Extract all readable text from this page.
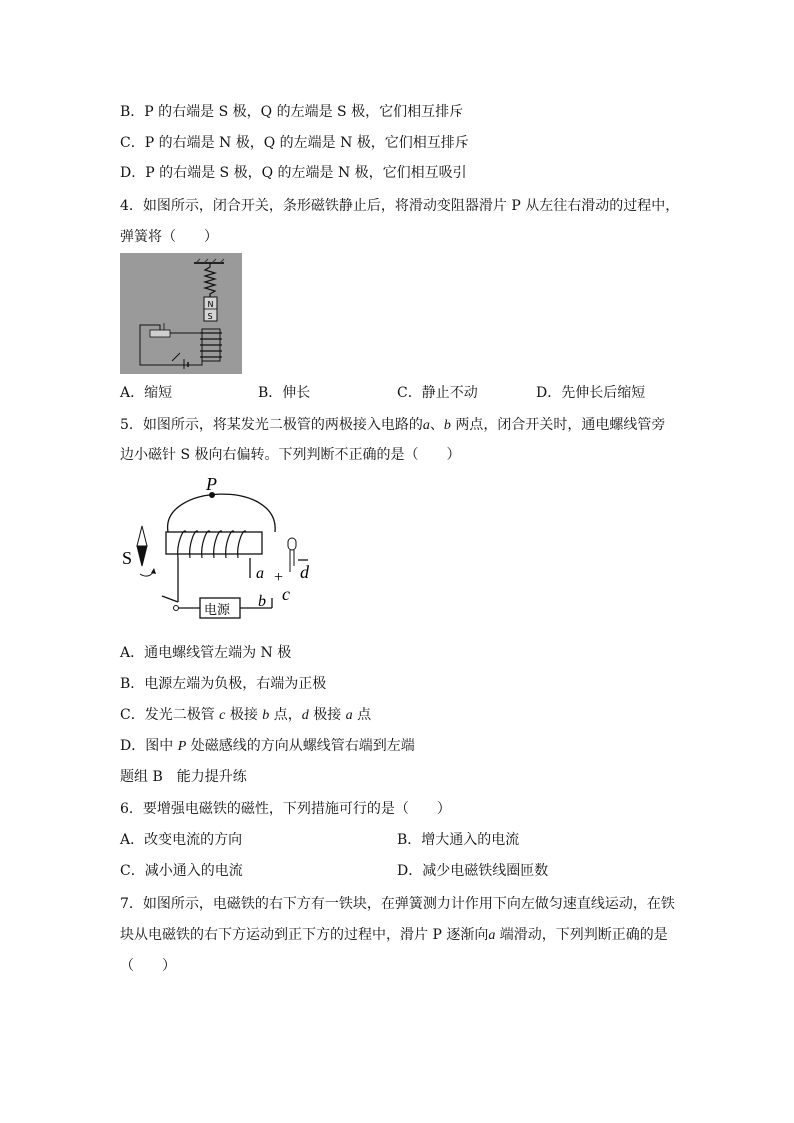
B．P 的右端是 S 极，Q 的左端是 S 极，它们相互排斥
C．P 的右端是 N 极，Q 的左端是 N 极，它们相互排斥
D．P 的右端是 S 极，Q 的左端是 N 极，它们相互吸引
4．如图所示，闭合开关，条形磁铁静止后，将滑动变阻器滑片 P 从左往右滑动的过程中，
弹簧将（　　）
N
S
A．缩短	B．伸长	C．静止不动	D．先伸长后缩短
5．如图所示，将某发光二极管的两极接入电路的a、b 两点，闭合开关时，通电螺线管旁
边小磁针 S 极向右偏转。下列判断不正确的是（　　）
P
S
电源
a
b
+ d
c
A．通电螺线管左端为 N 极
B．电源左端为负极，右端为正极
C．发光二极管 c 极接 b 点，d 极接 a 点
D．图中 P 处磁感线的方向从螺线管右端到左端
题组 B　能力提升练
6．要增强电磁铁的磁性，下列措施可行的是（　　）
A．改变电流的方向	B．增大通入的电流
C．减小通入的电流	D．减少电磁铁线圈匝数
7．如图所示，电磁铁的右下方有一铁块，在弹簧测力计作用下向左做匀速直线运动，在铁
块从电磁铁的右下方运动到正下方的过程中，滑片 P 逐渐向a 端滑动，下列判断正确的是
（　　）
